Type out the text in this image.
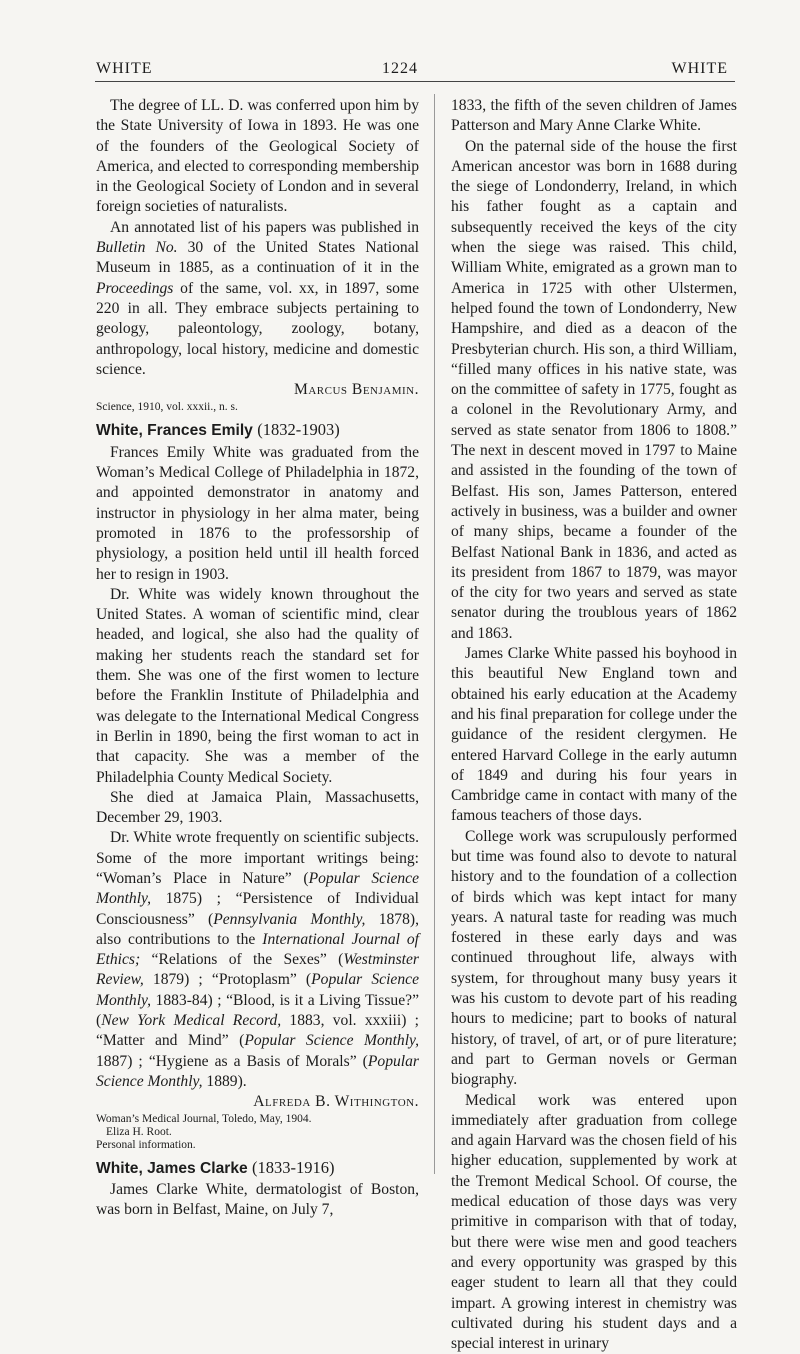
WHITE	1224	WHITE

The degree of LL. D. was conferred upon him by the State University of Iowa in 1893. He was one of the founders of the Geological Society of America, and elected to corresponding membership in the Geological Society of London and in several foreign societies of naturalists.

An annotated list of his papers was published in Bulletin No. 30 of the United States National Museum in 1885, as a continuation of it in the Proceedings of the same, vol. xx, in 1897, some 220 in all. They embrace subjects pertaining to geology, paleontology, zoology, botany, anthropology, local history, medicine and domestic science.

Marcus Benjamin.

Science, 1910, vol. xxxii., n. s.

White, Frances Emily (1832-1903)

Frances Emily White was graduated from the Woman’s Medical College of Philadelphia in 1872, and appointed demonstrator in anatomy and instructor in physiology in her alma mater, being promoted in 1876 to the professorship of physiology, a position held until ill health forced her to resign in 1903.

Dr. White was widely known throughout the United States. A woman of scientific mind, clear headed, and logical, she also had the quality of making her students reach the standard set for them. She was one of the first women to lecture before the Franklin Institute of Philadelphia and was delegate to the International Medical Congress in Berlin in 1890, being the first woman to act in that capacity. She was a member of the Philadelphia County Medical Society.

She died at Jamaica Plain, Massachusetts, December 29, 1903.

Dr. White wrote frequently on scientific subjects. Some of the more important writings being: “Woman’s Place in Nature” (Popular Science Monthly, 1875) ; “Persistence of Individual Consciousness” (Pennsylvania Monthly, 1878), also contributions to the International Journal of Ethics; “Relations of the Sexes” (Westminster Review, 1879) ; “Protoplasm” (Popular Science Monthly, 1883-84) ; “Blood, is it a Living Tissue?” (New York Medical Record, 1883, vol. xxxiii) ; “Matter and Mind” (Popular Science Monthly, 1887) ; “Hygiene as a Basis of Morals” (Popular Science Monthly, 1889).

Alfreda B. Withington.

Woman’s Medical Journal, Toledo, May, 1904.
Eliza H. Root.
Personal information.
White, James Clarke (1833-1916)

James Clarke White, dermatologist of Boston, was born in Belfast, Maine, on July 7,

1833, the fifth of the seven children of James Patterson and Mary Anne Clarke White.

On the paternal side of the house the first American ancestor was born in 1688 during the siege of Londonderry, Ireland, in which his father fought as a captain and subsequently received the keys of the city when the siege was raised. This child, William White, emigrated as a grown man to America in 1725 with other Ulstermen, helped found the town of Londonderry, New Hampshire, and died as a deacon of the Presbyterian church. His son, a third William, “filled many offices in his native state, was on the committee of safety in 1775, fought as a colonel in the Revolutionary Army, and served as state senator from 1806 to 1808.” The next in descent moved in 1797 to Maine and assisted in the founding of the town of Belfast. His son, James Patterson, entered actively in business, was a builder and owner of many ships, became a founder of the Belfast National Bank in 1836, and acted as its president from 1867 to 1879, was mayor of the city for two years and served as state senator during the troublous years of 1862 and 1863.

James Clarke White passed his boyhood in this beautiful New England town and obtained his early education at the Academy and his final preparation for college under the guidance of the resident clergymen. He entered Harvard College in the early autumn of 1849 and during his four years in Cambridge came in contact with many of the famous teachers of those days.

College work was scrupulously performed but time was found also to devote to natural history and to the foundation of a collection of birds which was kept intact for many years. A natural taste for reading was much fostered in these early days and was continued throughout life, always with system, for throughout many busy years it was his custom to devote part of his reading hours to medicine; part to books of natural history, of travel, of art, or of pure literature; and part to German novels or German biography.

Medical work was entered upon immediately after graduation from college and again Harvard was the chosen field of his higher education, supplemented by work at the Tremont Medical School. Of course, the medical education of those days was very primitive in comparison with that of today, but there were wise men and good teachers and every opportunity was grasped by this eager student to learn all that they could impart. A growing interest in chemistry was cultivated during his student days and a special interest in urinary
